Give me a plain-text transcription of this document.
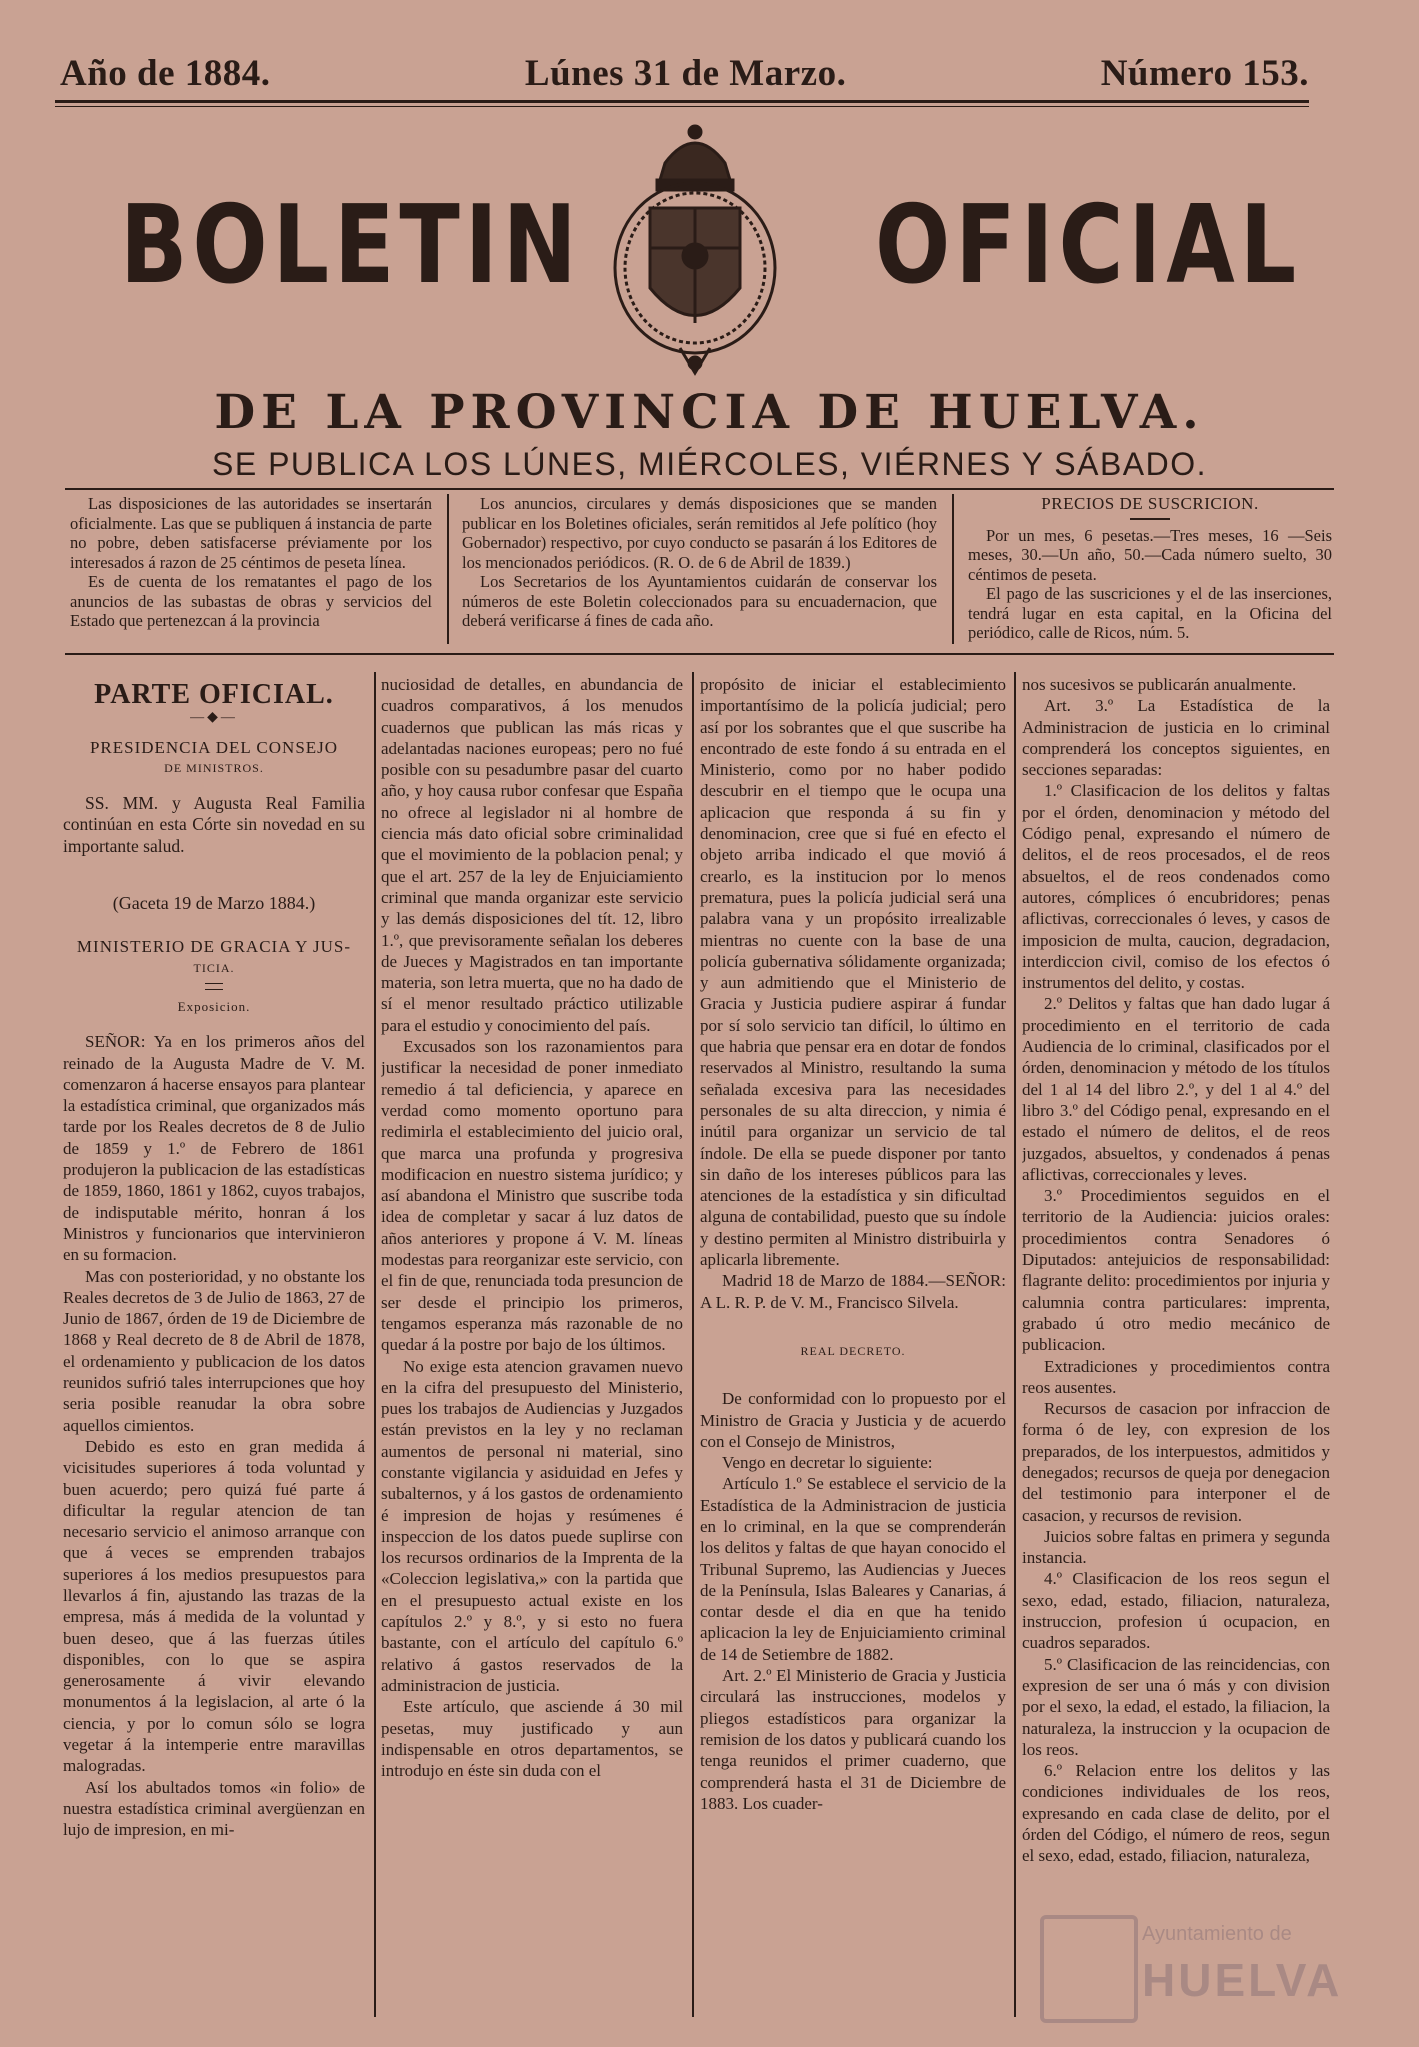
Año de 1884.	Lúnes 31 de Marzo.	Número 153.
BOLETIN	OFICIAL
DE LA PROVINCIA DE HUELVA.
SE PUBLICA LOS LÚNES, MIÉRCOLES, VIÉRNES Y SÁBADO.

Las disposiciones de las autoridades se insertarán oficialmente. Las que se publiquen á instancia de parte no pobre, deben satisfacerse préviamente por los interesados á razon de 25 céntimos de peseta línea.

Es de cuenta de los rematantes el pago de los anuncios de las subastas de obras y servicios del Estado que pertenezcan á la provincia

Los anuncios, circulares y demás disposiciones que se manden publicar en los Boletines oficiales, serán remitidos al Jefe político (hoy Gobernador) respectivo, por cuyo conducto se pasarán á los Editores de los mencionados periódicos. (R. O. de 6 de Abril de 1839.)

Los Secretarios de los Ayuntamientos cuidarán de conservar los números de este Boletin coleccionados para su encuadernacion, que deberá verificarse á fines de cada año.

PRECIOS DE SUSCRICION.

Por un mes, 6 pesetas.—Tres meses, 16 —Seis meses, 30.—Un año, 50.—Cada número suelto, 30 céntimos de peseta.

El pago de las suscriciones y el de las inserciones, tendrá lugar en esta capital, en la Oficina del periódico, calle de Ricos, núm. 5.

PARTE OFICIAL.
—◆—
PRESIDENCIA DEL CONSEJO
DE MINISTROS.

SS. MM. y Augusta Real Familia continúan en esta Córte sin novedad en su importante salud.

(Gaceta 19 de Marzo 1884.)
MINISTERIO DE GRACIA Y JUS-
TICIA.
Exposicion.

SEÑOR: Ya en los primeros años del reinado de la Augusta Madre de V. M. comenzaron á hacerse ensayos para plantear la estadística criminal, que organizados más tarde por los Reales decretos de 8 de Julio de 1859 y 1.º de Febrero de 1861 produjeron la publicacion de las estadísticas de 1859, 1860, 1861 y 1862, cuyos trabajos, de indisputable mérito, honran á los Ministros y funcionarios que intervinieron en su formacion.

Mas con posterioridad, y no obstante los Reales decretos de 3 de Julio de 1863, 27 de Junio de 1867, órden de 19 de Diciembre de 1868 y Real decreto de 8 de Abril de 1878, el ordenamiento y publicacion de los datos reunidos sufrió tales interrupciones que hoy seria posible reanudar la obra sobre aquellos cimientos.

Debido es esto en gran medida á vicisitudes superiores á toda voluntad y buen acuerdo; pero quizá fué parte á dificultar la regular atencion de tan necesario servicio el animoso arranque con que á veces se emprenden trabajos superiores á los medios presupuestos para llevarlos á fin, ajustando las trazas de la empresa, más á medida de la voluntad y buen deseo, que á las fuerzas útiles disponibles, con lo que se aspira generosamente á vivir elevando monumentos á la legislacion, al arte ó la ciencia, y por lo comun sólo se logra vegetar á la intemperie entre maravillas malogradas.

Así los abultados tomos «in folio» de nuestra estadística criminal avergüenzan en lujo de impresion, en mi-

nuciosidad de detalles, en abundancia de cuadros comparativos, á los menudos cuadernos que publican las más ricas y adelantadas naciones europeas; pero no fué posible con su pesadumbre pasar del cuarto año, y hoy causa rubor confesar que España no ofrece al legislador ni al hombre de ciencia más dato oficial sobre criminalidad que el movimiento de la poblacion penal; y que el art. 257 de la ley de Enjuiciamiento criminal que manda organizar este servicio y las demás disposiciones del tít. 12, libro 1.º, que previsoramente señalan los deberes de Jueces y Magistrados en tan importante materia, son letra muerta, que no ha dado de sí el menor resultado práctico utilizable para el estudio y conocimiento del país.

Excusados son los razonamientos para justificar la necesidad de poner inmediato remedio á tal deficiencia, y aparece en verdad como momento oportuno para redimirla el establecimiento del juicio oral, que marca una profunda y progresiva modificacion en nuestro sistema jurídico; y así abandona el Ministro que suscribe toda idea de completar y sacar á luz datos de años anteriores y propone á V. M. líneas modestas para reorganizar este servicio, con el fin de que, renunciada toda presuncion de ser desde el principio los primeros, tengamos esperanza más razonable de no quedar á la postre por bajo de los últimos.

No exige esta atencion gravamen nuevo en la cifra del presupuesto del Ministerio, pues los trabajos de Audiencias y Juzgados están previstos en la ley y no reclaman aumentos de personal ni material, sino constante vigilancia y asiduidad en Jefes y subalternos, y á los gastos de ordenamiento é impresion de hojas y resúmenes é inspeccion de los datos puede suplirse con los recursos ordinarios de la Imprenta de la «Coleccion legislativa,» con la partida que en el presupuesto actual existe en los capítulos 2.º y 8.º, y si esto no fuera bastante, con el artículo del capítulo 6.º relativo á gastos reservados de la administracion de justicia.

Este artículo, que asciende á 30 mil pesetas, muy justificado y aun indispensable en otros departamentos, se introdujo en éste sin duda con el

propósito de iniciar el establecimiento importantísimo de la policía judicial; pero así por los sobrantes que el que suscribe ha encontrado de este fondo á su entrada en el Ministerio, como por no haber podido descubrir en el tiempo que le ocupa una aplicacion que responda á su fin y denominacion, cree que si fué en efecto el objeto arriba indicado el que movió á crearlo, es la institucion por lo menos prematura, pues la policía judicial será una palabra vana y un propósito irrealizable mientras no cuente con la base de una policía gubernativa sólidamente organizada; y aun admitiendo que el Ministerio de Gracia y Justicia pudiere aspirar á fundar por sí solo servicio tan difícil, lo último en que habria que pensar era en dotar de fondos reservados al Ministro, resultando la suma señalada excesiva para las necesidades personales de su alta direccion, y nimia é inútil para organizar un servicio de tal índole. De ella se puede disponer por tanto sin daño de los intereses públicos para las atenciones de la estadística y sin dificultad alguna de contabilidad, puesto que su índole y destino permiten al Ministro distribuirla y aplicarla libremente.

Madrid 18 de Marzo de 1884.—SEÑOR: A L. R. P. de V. M., Francisco Silvela.

REAL DECRETO.

De conformidad con lo propuesto por el Ministro de Gracia y Justicia y de acuerdo con el Consejo de Ministros,

Vengo en decretar lo siguiente:

Artículo 1.º Se establece el servicio de la Estadística de la Administracion de justicia en lo criminal, en la que se comprenderán los delitos y faltas de que hayan conocido el Tribunal Supremo, las Audiencias y Jueces de la Península, Islas Baleares y Canarias, á contar desde el dia en que ha tenido aplicacion la ley de Enjuiciamiento criminal de 14 de Setiembre de 1882.

Art. 2.º El Ministerio de Gracia y Justicia circulará las instrucciones, modelos y pliegos estadísticos para organizar la remision de los datos y publicará cuando los tenga reunidos el primer cuaderno, que comprenderá hasta el 31 de Diciembre de 1883. Los cuader-

nos sucesivos se publicarán anualmente.

Art. 3.º La Estadística de la Administracion de justicia en lo criminal comprenderá los conceptos siguientes, en secciones separadas:

1.º Clasificacion de los delitos y faltas por el órden, denominacion y método del Código penal, expresando el número de delitos, el de reos procesados, el de reos absueltos, el de reos condenados como autores, cómplices ó encubridores; penas aflictivas, correccionales ó leves, y casos de imposicion de multa, caucion, degradacion, interdiccion civil, comiso de los efectos ó instrumentos del delito, y costas.

2.º Delitos y faltas que han dado lugar á procedimiento en el territorio de cada Audiencia de lo criminal, clasificados por el órden, denominacion y método de los títulos del 1 al 14 del libro 2.º, y del 1 al 4.º del libro 3.º del Código penal, expresando en el estado el número de delitos, el de reos juzgados, absueltos, y condenados á penas aflictivas, correccionales y leves.

3.º Procedimientos seguidos en el territorio de la Audiencia: juicios orales: procedimientos contra Senadores ó Diputados: antejuicios de responsabilidad: flagrante delito: procedimientos por injuria y calumnia contra particulares: imprenta, grabado ú otro medio mecánico de publicacion.

Extradiciones y procedimientos contra reos ausentes.

Recursos de casacion por infraccion de forma ó de ley, con expresion de los preparados, de los interpuestos, admitidos y denegados; recursos de queja por denegacion del testimonio para interponer el de casacion, y recursos de revision.

Juicios sobre faltas en primera y segunda instancia.

4.º Clasificacion de los reos segun el sexo, edad, estado, filiacion, naturaleza, instruccion, profesion ú ocupacion, en cuadros separados.

5.º Clasificacion de las reincidencias, con expresion de ser una ó más y con division por el sexo, la edad, el estado, la filiacion, la naturaleza, la instruccion y la ocupacion de los reos.

6.º Relacion entre los delitos y las condiciones individuales de los reos, expresando en cada clase de delito, por el órden del Código, el número de reos, segun el sexo, edad, estado, filiacion, naturaleza,

Ayuntamiento de
HUELVA
